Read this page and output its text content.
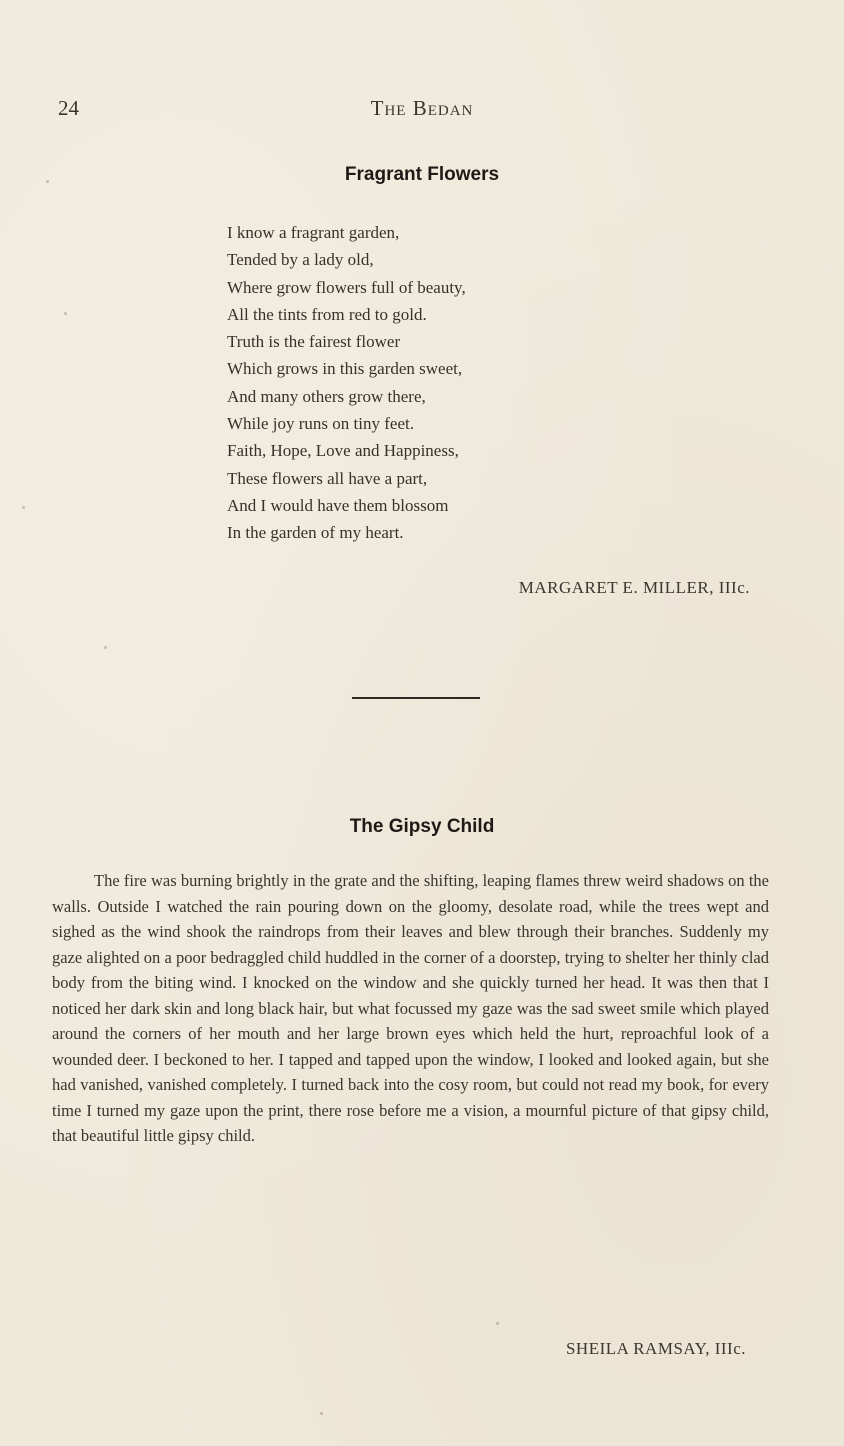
24	The Bedan
Fragrant Flowers
I know a fragrant garden,
Tended by a lady old,
Where grow flowers full of beauty,
All the tints from red to gold.
Truth is the fairest flower
Which grows in this garden sweet,
And many others grow there,
While joy runs on tiny feet.
Faith, Hope, Love and Happiness,
These flowers all have a part,
And I would have them blossom
In the garden of my heart.
MARGARET E. MILLER, IIIc.
The Gipsy Child

The fire was burning brightly in the grate and the shifting, leaping flames threw weird shadows on the walls. Outside I watched the rain pouring down on the gloomy, desolate road, while the trees wept and sighed as the wind shook the raindrops from their leaves and blew through their branches. Suddenly my gaze alighted on a poor bedraggled child huddled in the corner of a doorstep, trying to shelter her thinly clad body from the biting wind. I knocked on the window and she quickly turned her head. It was then that I noticed her dark skin and long black hair, but what focussed my gaze was the sad sweet smile which played around the corners of her mouth and her large brown eyes which held the hurt, reproachful look of a wounded deer. I beckoned to her. I tapped and tapped upon the window, I looked and looked again, but she had vanished, vanished completely. I turned back into the cosy room, but could not read my book, for every time I turned my gaze upon the print, there rose before me a vision, a mournful picture of that gipsy child, that beautiful little gipsy child.

SHEILA RAMSAY, IIIc.
